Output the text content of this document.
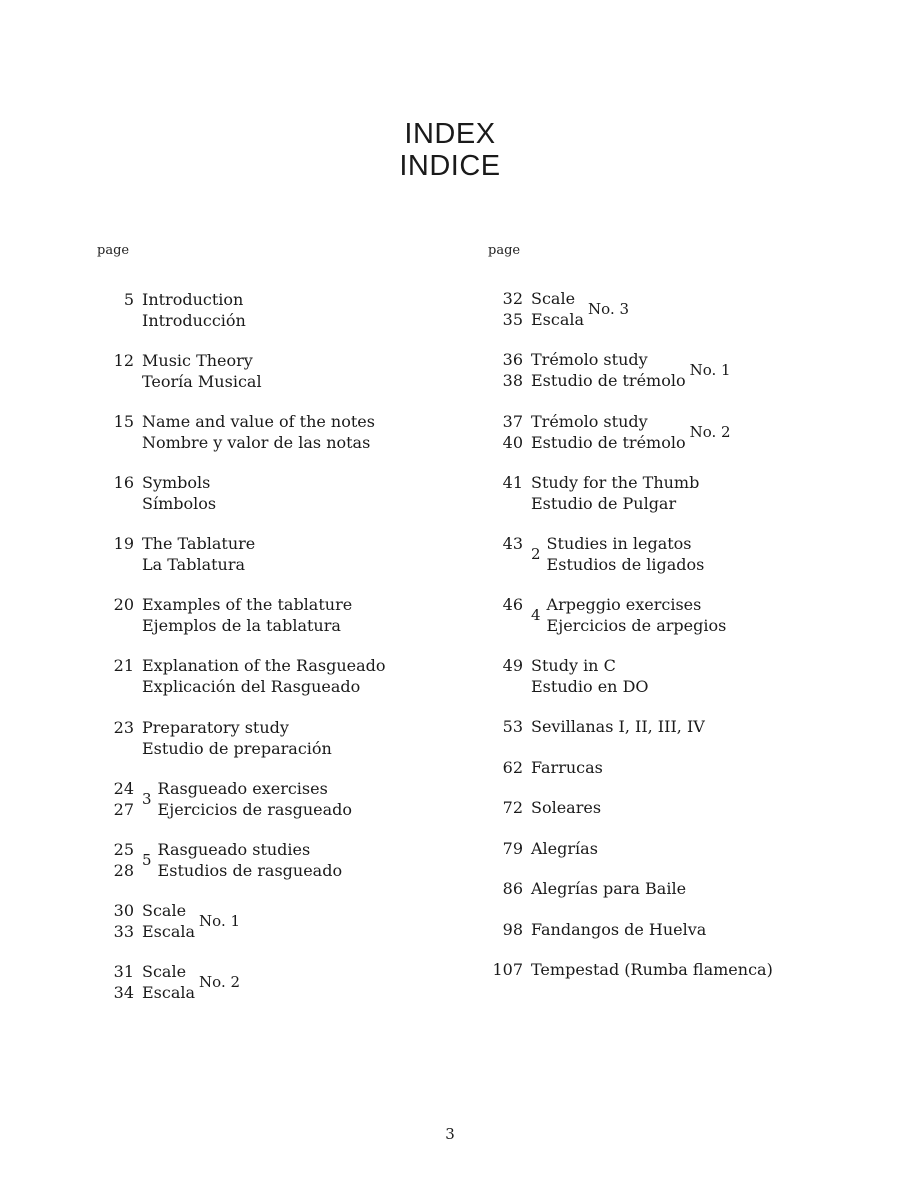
INDEX
INDICE
page	page
5 Introduction
Introducción
12 Music Theory
Teoría Musical
15 Name and value of the notes
Nombre y valor de las notas
16 Symbols
Símbolos
19 The Tablature
La Tablatura
20 Examples of the tablature
Ejemplos de la tablatura
21 Explanation of the Rasgueado
Explicación del Rasgueado
23 Preparatory study
Estudio de preparación
24
27
3
Rasgueado exercises
Ejercicios de rasgueado
25
28
5
Rasgueado studies
Estudios de rasgueado
30
33
Scale
Escala
No. 1
31
34
Scale
Escala
No. 2
32
35
Scale
Escala
No. 3
36
38
Trémolo study
Estudio de trémolo
No. 1
37
40
Trémolo study
Estudio de trémolo
No. 2
41 Study for the Thumb
Estudio de Pulgar
43
2
Studies in legatos
Estudios de ligados
46
4
Arpeggio exercises
Ejercicios de arpegios
49 Study in C
Estudio en DO
53 Sevillanas I, II, III, IV
62 Farrucas
72 Soleares
79 Alegrías
86 Alegrías para Baile
98 Fandangos de Huelva
107 Tempestad (Rumba flamenca)
3
